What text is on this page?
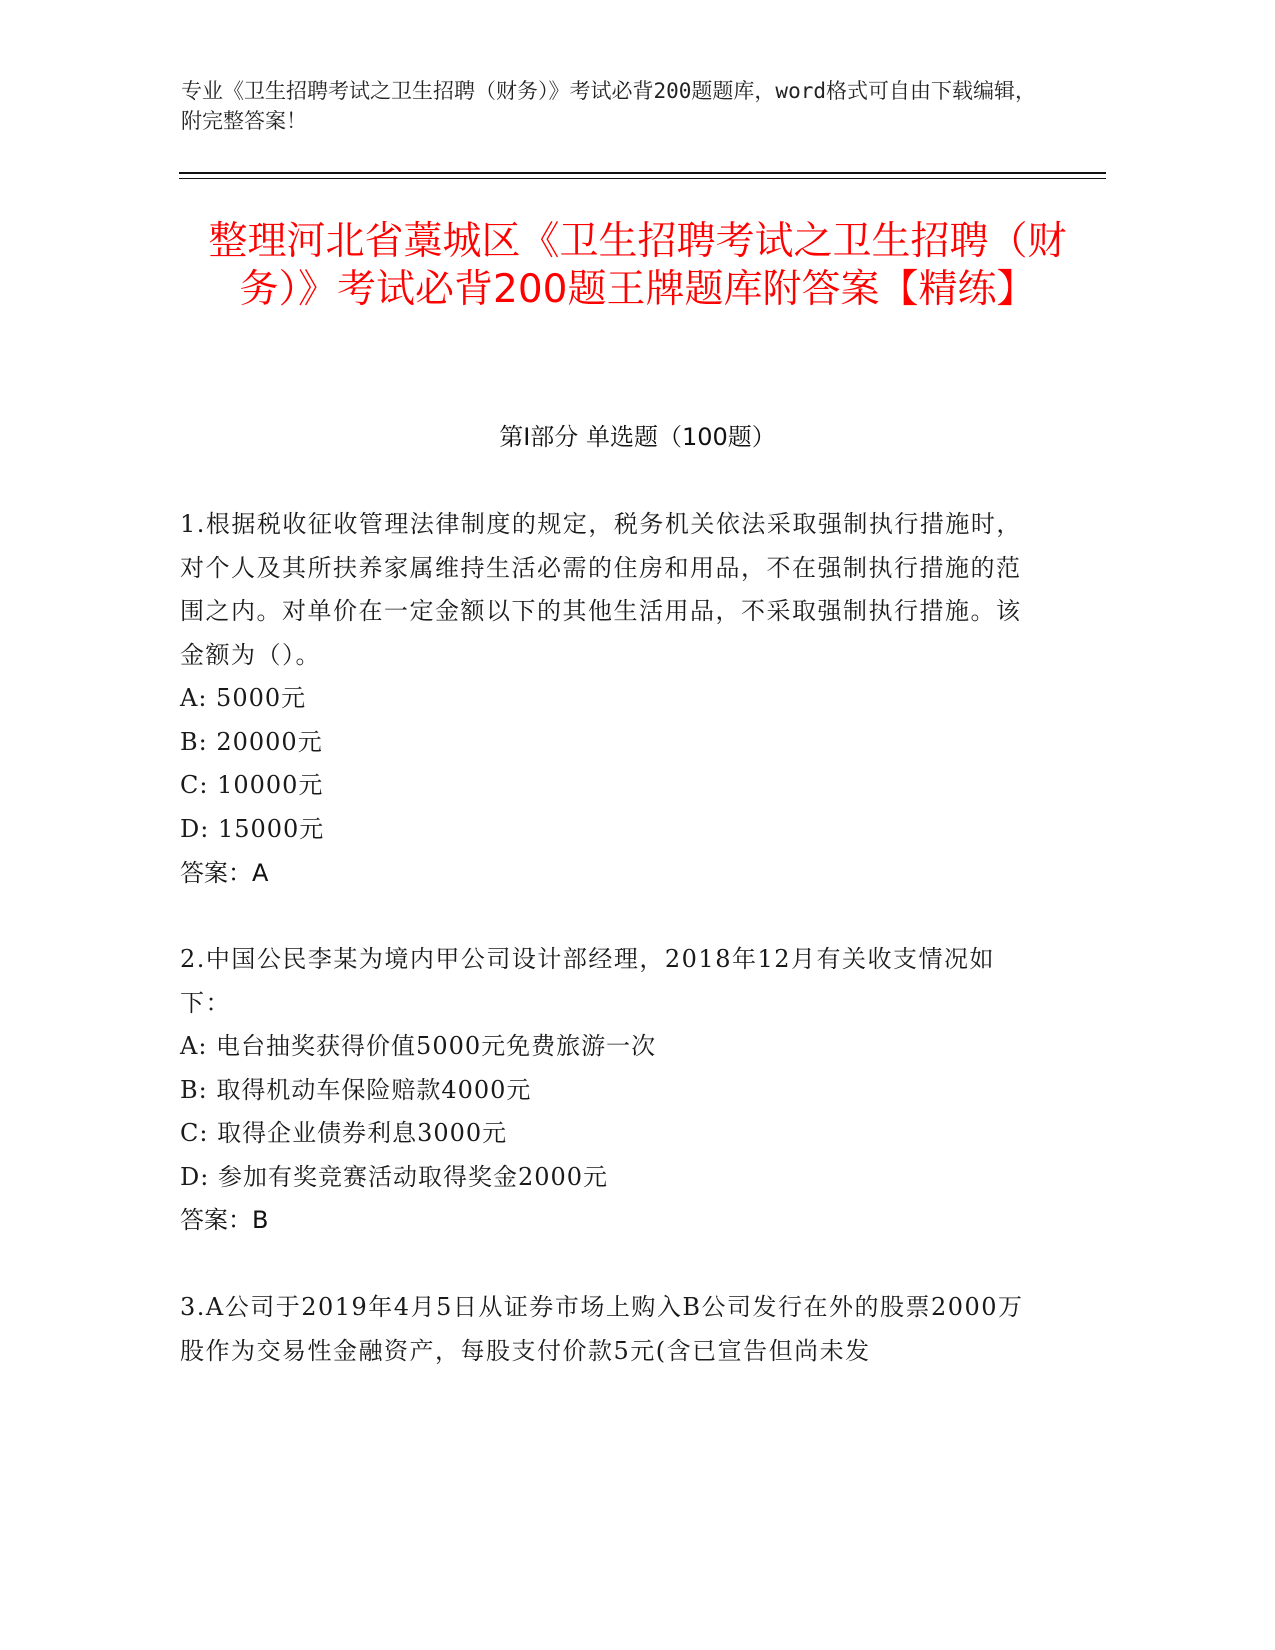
专业《卫生招聘考试之卫生招聘（财务）》考试必背200题题库，word格式可自由下载编辑，附完整答案！
整理河北省藁城区《卫生招聘考试之卫生招聘（财务）》考试必背200题王牌题库附答案【精练】
第Ⅰ部分 单选题（100题）
1.根据税收征收管理法律制度的规定，税务机关依法采取强制执行措施时，对个人及其所扶养家属维持生活必需的住房和用品，不在强制执行措施的范围之内。对单价在一定金额以下的其他生活用品，不采取强制执行措施。该金额为（）。
A: 5000元
B: 20000元
C: 10000元
D: 15000元
答案：A
2.中国公民李某为境内甲公司设计部经理，2018年12月有关收支情况如下：
A: 电台抽奖获得价值5000元免费旅游一次
B: 取得机动车保险赔款4000元
C: 取得企业债券利息3000元
D: 参加有奖竞赛活动取得奖金2000元
答案：B
3.A公司于2019年4月5日从证券市场上购入B公司发行在外的股票2000万股作为交易性金融资产，每股支付价款5元(含已宣告但尚未发
